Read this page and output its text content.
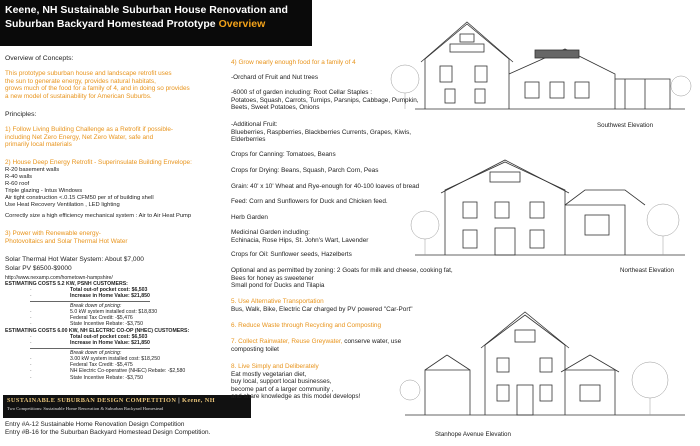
Keene, NH Sustainable Suburban House Renovation and
Suburban Backyard Homestead Prototype Overview
Overview of Concepts:
This prototype suburban house and landscape retrofit uses
the sun to generate energy, provides natural habitats,
grows much of the food for a family of 4, and in doing so provides
a new model of sustainability for American Suburbs.
Principles:
1) Follow Living Building Challenge as a Retrofit if possible-
including Net Zero Energy, Net Zero Water, safe and
primarily local materials
2) House Deep Energy Retrofit - Superinsulate Building Envelope:
R-20 basement walls
R-40 walls
R-60 roof
Triple glazing - Intus Windows
Air tight construction <.0.15 CFM50 per sf of building shell
Use Heat Recovery Ventilation , LED lighting
Correctly size a high efficiency mechanical system : Air to Air Heat Pump
3) Power with Renewable energy-
Photovoltaics and Solar Thermal Hot Water
Solar Thermal Hot Water System: About $7,000
Solar PV $6500-$9000
http://www.nexamp.com/hometown-hampshire/
ESTIMATING COSTS 5.2 KW, PSNH CUSTOMERS:
Total out-of pocket cost: $6,503
Increase in Home Value: $21,850
·
·
Break down of pricing:
5.0 kW system installed cost: $18,830
Federal Tax Credit: -$5,476
State Incentive Rebate: -$3,750
·
·
·
ESTIMATING COSTS 6.00 KW, NH ELECTRIC CO-OP (NHEC) CUSTOMERS:
Total out-of pocket cost: $6,503
Increase in Home Value: $21,850
·
·
Break down of pricing:
3.00 kW system installed cost: $18,250
Federal Tax Credit: -$5,475
NH Electric Co-operative (NHEC) Rebate: -$2,580
State Incentive Rebate: -$3,750
·
·
·
·
SUSTAINABLE SUBURBAN DESIGN COMPETITION | Keene, NH
Two Competitions: Sustainable Home Renovation & Suburban Backyard Homestead
Entry #A-12 Sustainable Home Renovation Design Competition
Entry #B-16 for the Suburban Backyard Homestead Design Competition.
4) Grow nearly enough food for a family of 4
-Orchard of Fruit and Nut trees
-6000 sf of garden including: Root Cellar Staples :
Potatoes, Squash, Carrots, Turnips, Parsnips, Cabbage, Pumpkin,
Beets, Sweet Potatoes, Onions
-Additional Fruit:
Blueberries, Raspberries, Blackberries Currents, Grapes, Kiwis,
Elderberries
Crops for Canning: Tomatoes, Beans
Crops for Drying: Beans, Squash, Parch Corn, Peas
Grain: 40' x 10' Wheat and Rye-enough for 40-100 loaves of bread
Feed: Corn and Sunflowers for Duck and Chicken feed.
Herb Garden
Medicinal Garden including:
Echinacia, Rose Hips, St. John's Wart, Lavender
Crops for Oil: Sunflower seeds, Hazelberts
Optional and as permitted by zoning: 2 Goats for milk and cheese, cooking fat,
Bees for honey as sweetener
Small pond for Ducks and Tilapia
5. Use Alternative Transportation
Bus, Walk, Bike, Electric Car charged by PV powered "Car-Port"
6. Reduce Waste through Recycling and Composting
7. Collect Rainwater, Reuse Greywater, conserve water, use
composting toilet
8. Live Simply and Deliberately
Eat mostly vegetarian diet,
buy local, support local businesses,
become part of a larger community ,
and share knowledge as this model develops!
Southwest Elevation
Northeast Elevation
Stanhope Avenue Elevation
